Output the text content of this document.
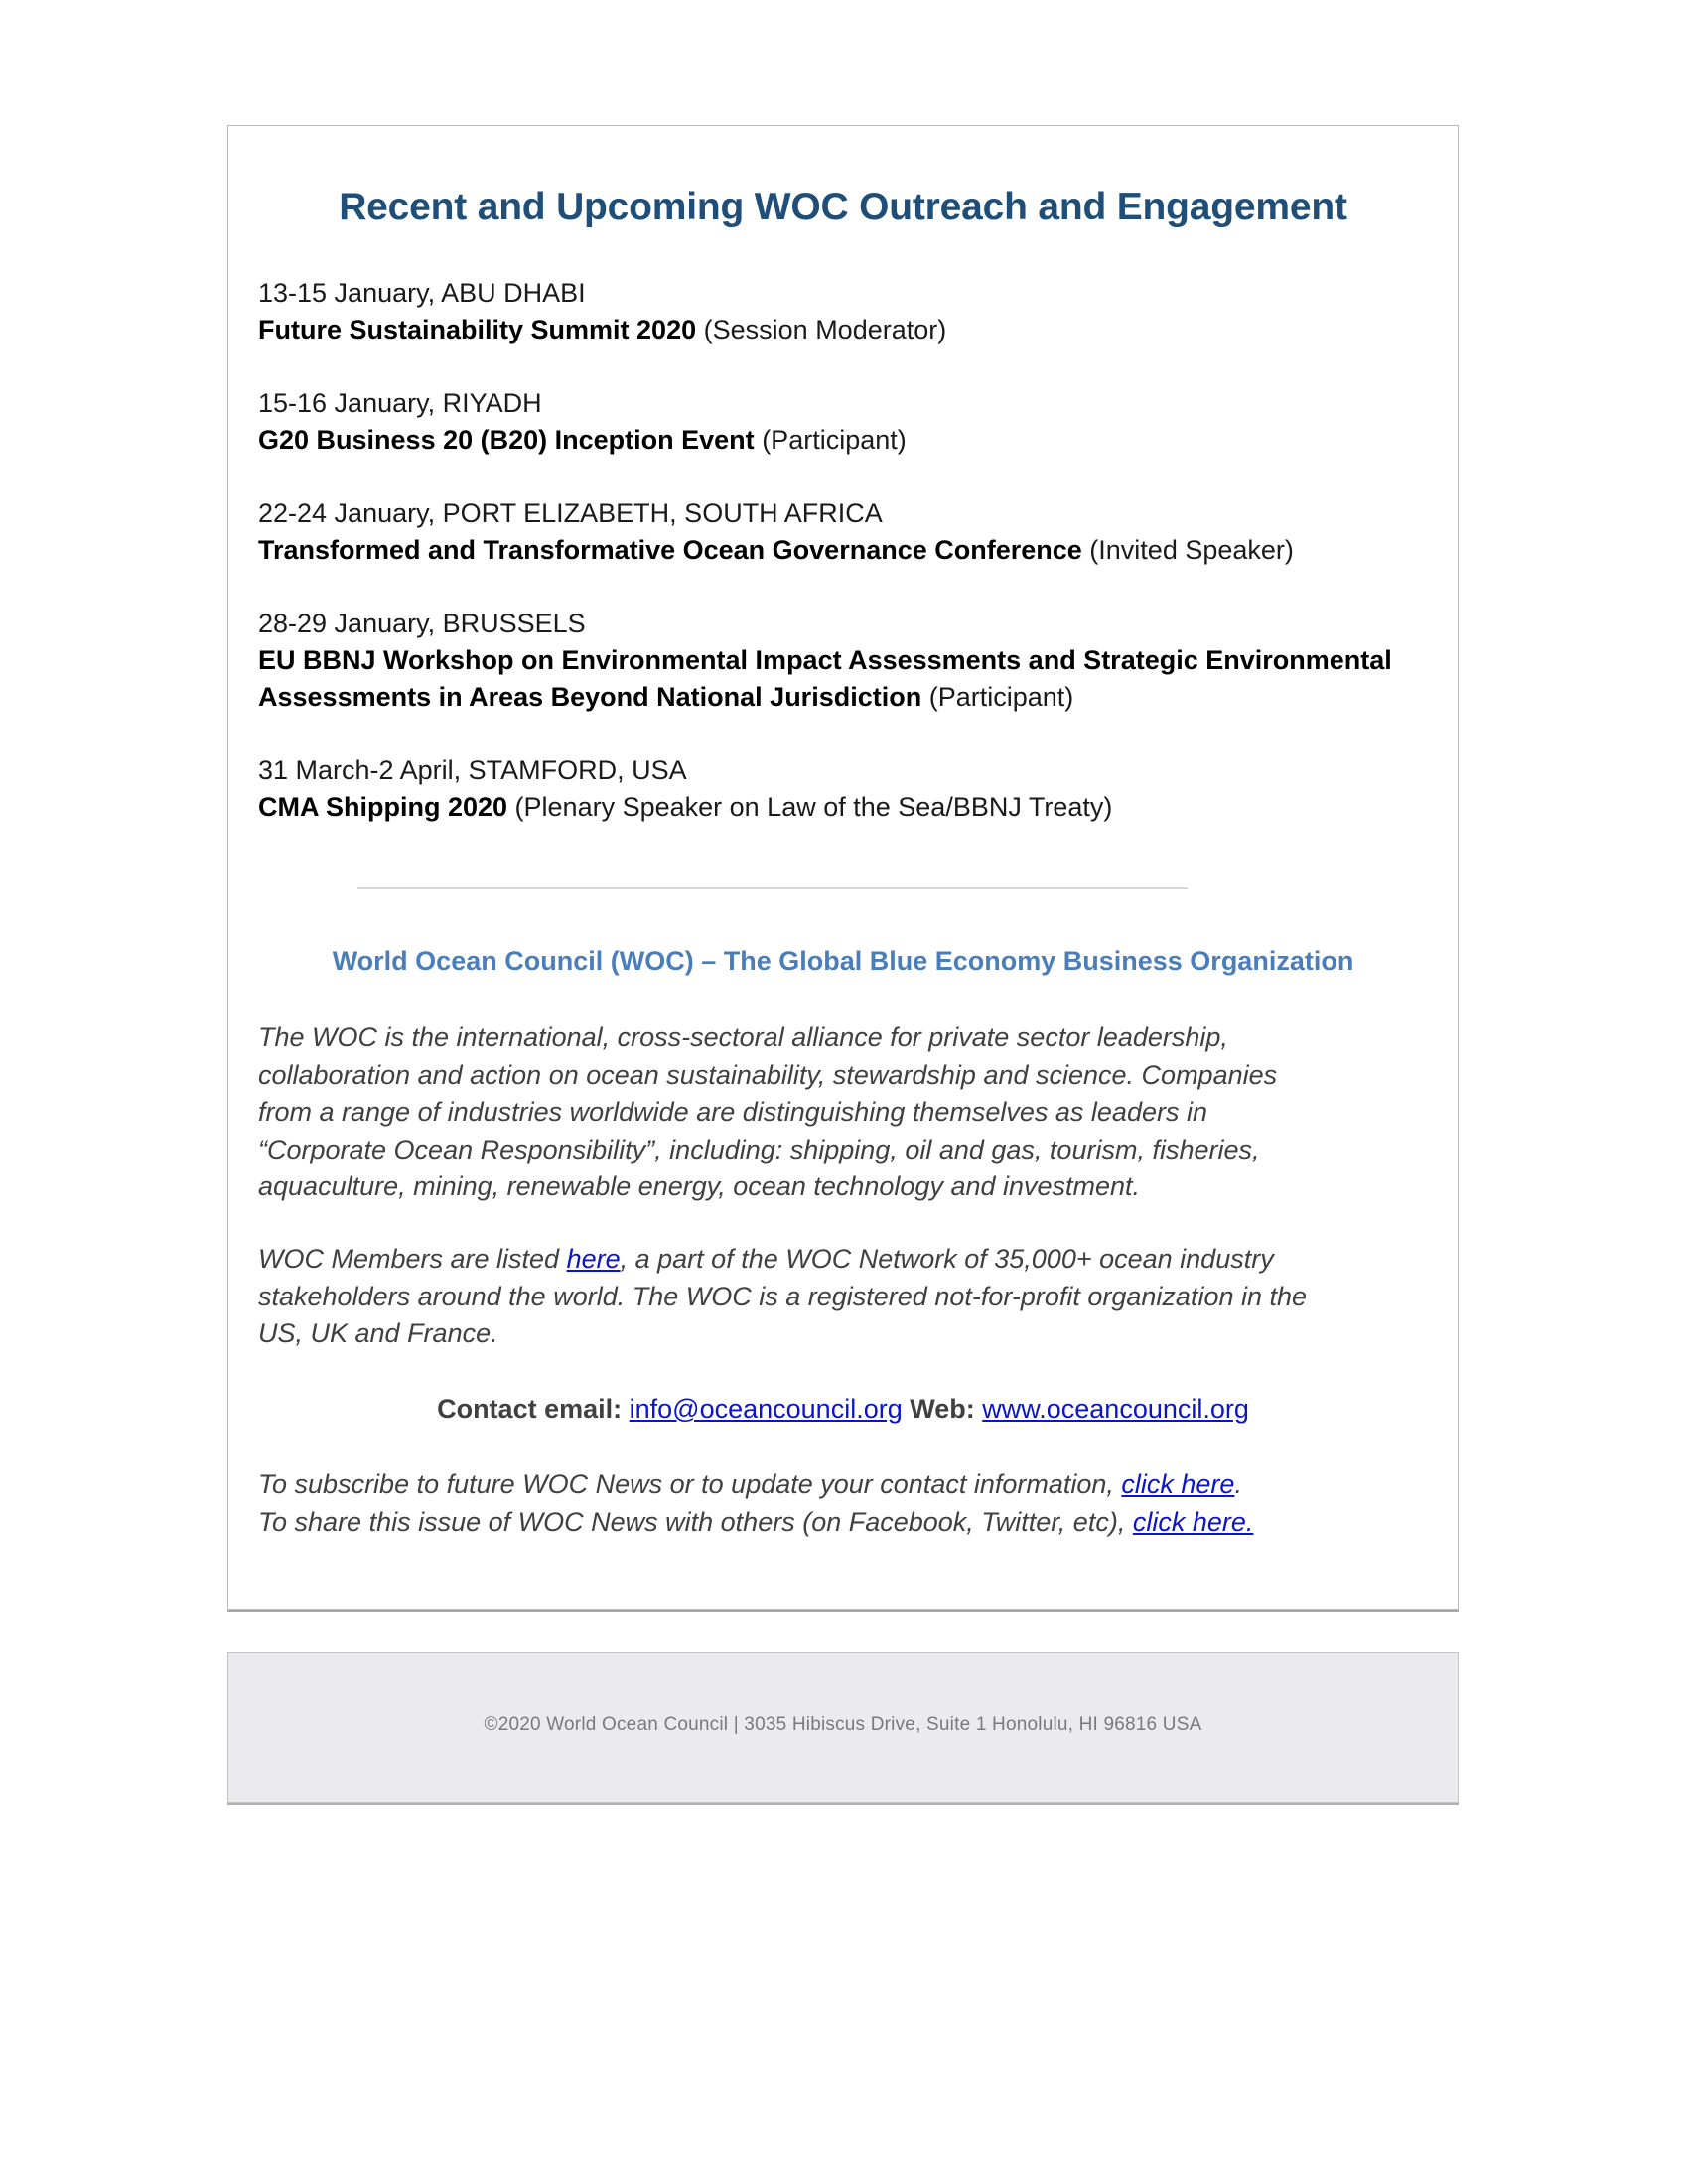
Recent and Upcoming WOC Outreach and Engagement
13-15 January, ABU DHABI
Future Sustainability Summit 2020 (Session Moderator)
15-16 January, RIYADH
G20 Business 20 (B20) Inception Event (Participant)
22-24 January, PORT ELIZABETH, SOUTH AFRICA
Transformed and Transformative Ocean Governance Conference (Invited Speaker)
28-29 January, BRUSSELS
EU BBNJ Workshop on Environmental Impact Assessments and Strategic Environmental
Assessments in Areas Beyond National Jurisdiction (Participant)
31 March-2 April, STAMFORD, USA
CMA Shipping 2020 (Plenary Speaker on Law of the Sea/BBNJ Treaty)
World Ocean Council (WOC) – The Global Blue Economy Business Organization

The WOC is the international, cross-sectoral alliance for private sector leadership,
collaboration and action on ocean sustainability, stewardship and science. Companies
from a range of industries worldwide are distinguishing themselves as leaders in
“Corporate Ocean Responsibility”, including: shipping, oil and gas, tourism, fisheries,
aquaculture, mining, renewable energy, ocean technology and investment.

WOC Members are listed here, a part of the WOC Network of 35,000+ ocean industry
stakeholders around the world. The WOC is a registered not-for-profit organization in the
US, UK and France.

Contact email: info@oceancouncil.org Web: www.oceancouncil.org

To subscribe to future WOC News or to update your contact information, click here.
To share this issue of WOC News with others (on Facebook, Twitter, etc), click here.

©2020 World Ocean Council | 3035 Hibiscus Drive, Suite 1 Honolulu, HI 96816 USA
